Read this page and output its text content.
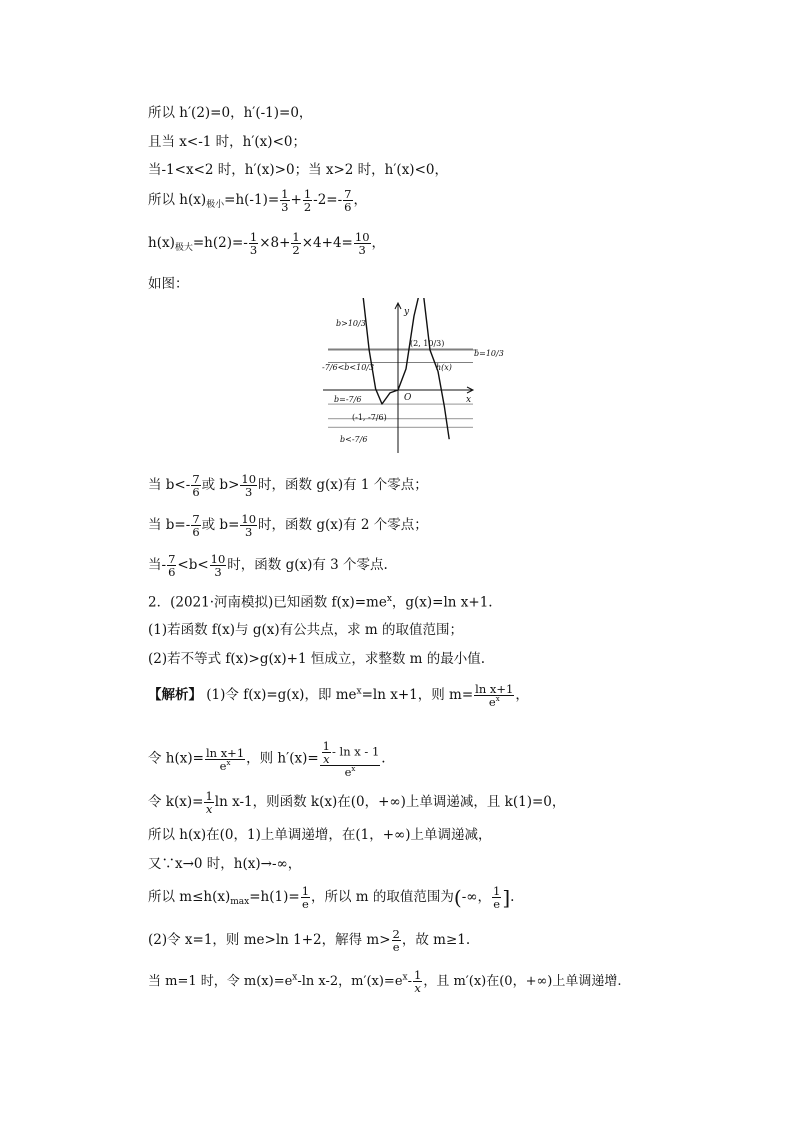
所以 h′(2)=0，h′(-1)=0，
且当 x<-1 时，h′(x)<0；
当-1<x<2 时，h′(x)>0；当 x>2 时，h′(x)<0，
所以 $h(x)_{极小}=h(-1)= \frac{1}{3} + \frac{1}{2} -2=- \frac{7}{6}$ ，
$h(x)_{极大}=h(2)=- \frac{1}{3} \times 8+ \frac{1}{2} \times 4+4= \frac{10}{3}$ ，
如图：
y
x
O
h(x)
(2, 10/3)
(-1, -7/6)
b>10/3
-7/6<b<10/3
b=-7/6
b<-7/6
b=10/3
当 $b<- \frac{7}{6}$ 或 $b> \frac{10}{3}$ 时，函数 g(x)有 1 个零点；
当 $b=- \frac{7}{6}$ 或 $b= \frac{10}{3}$ 时，函数 g(x)有 2 个零点；
当- $\frac{7}{6} <b< \frac{10}{3}$ 时，函数 g(x)有 3 个零点.
2．(2021·河南模拟)已知函数 $f(x)=me^x$，g(x)=ln x+1.
(1)若函数 f(x)与 g(x)有公共点，求 m 的取值范围；
(2)若不等式 f(x)>g(x)+1 恒成立，求整数 m 的最小值.
【解析】 (1)令 f(x)=g(x)，即 $me^x=\ln$ x+1，则 $m= \frac{\text{ln x+1}}{e^x}$ ，
令 $h(x)= \frac{\text{ln x+1}}{e^x}$ ，则 $h'(x)= \frac{\frac{1}{x} - \ln x - 1}{e^x}$ .
令 $k(x)= \frac{1}{x}$ ln x-1，则函数 k(x)在(0，+∞)上单调递减，且 k(1)=0，
所以 h(x)在(0，1)上单调递增，在(1，+∞)上单调递减，
又∵x→0 时，h(x)→-∞，
所以 $m\le h(x)_{max}=h(1)= \frac{1}{e}$ ，所以 m 的取值范围为(-∞， $\frac{1}{e}$ ].
(2)令 x=1，则 me>ln 1+2，解得 $m> \frac{2}{e}$ ，故 m≥1.
当 m=1 时，令 $m(x)=e^x-\ln$ x-2，$m'(x)=e^x- \frac{1}{x}$ ，且 m′(x)在(0，+∞)上单调递增.
